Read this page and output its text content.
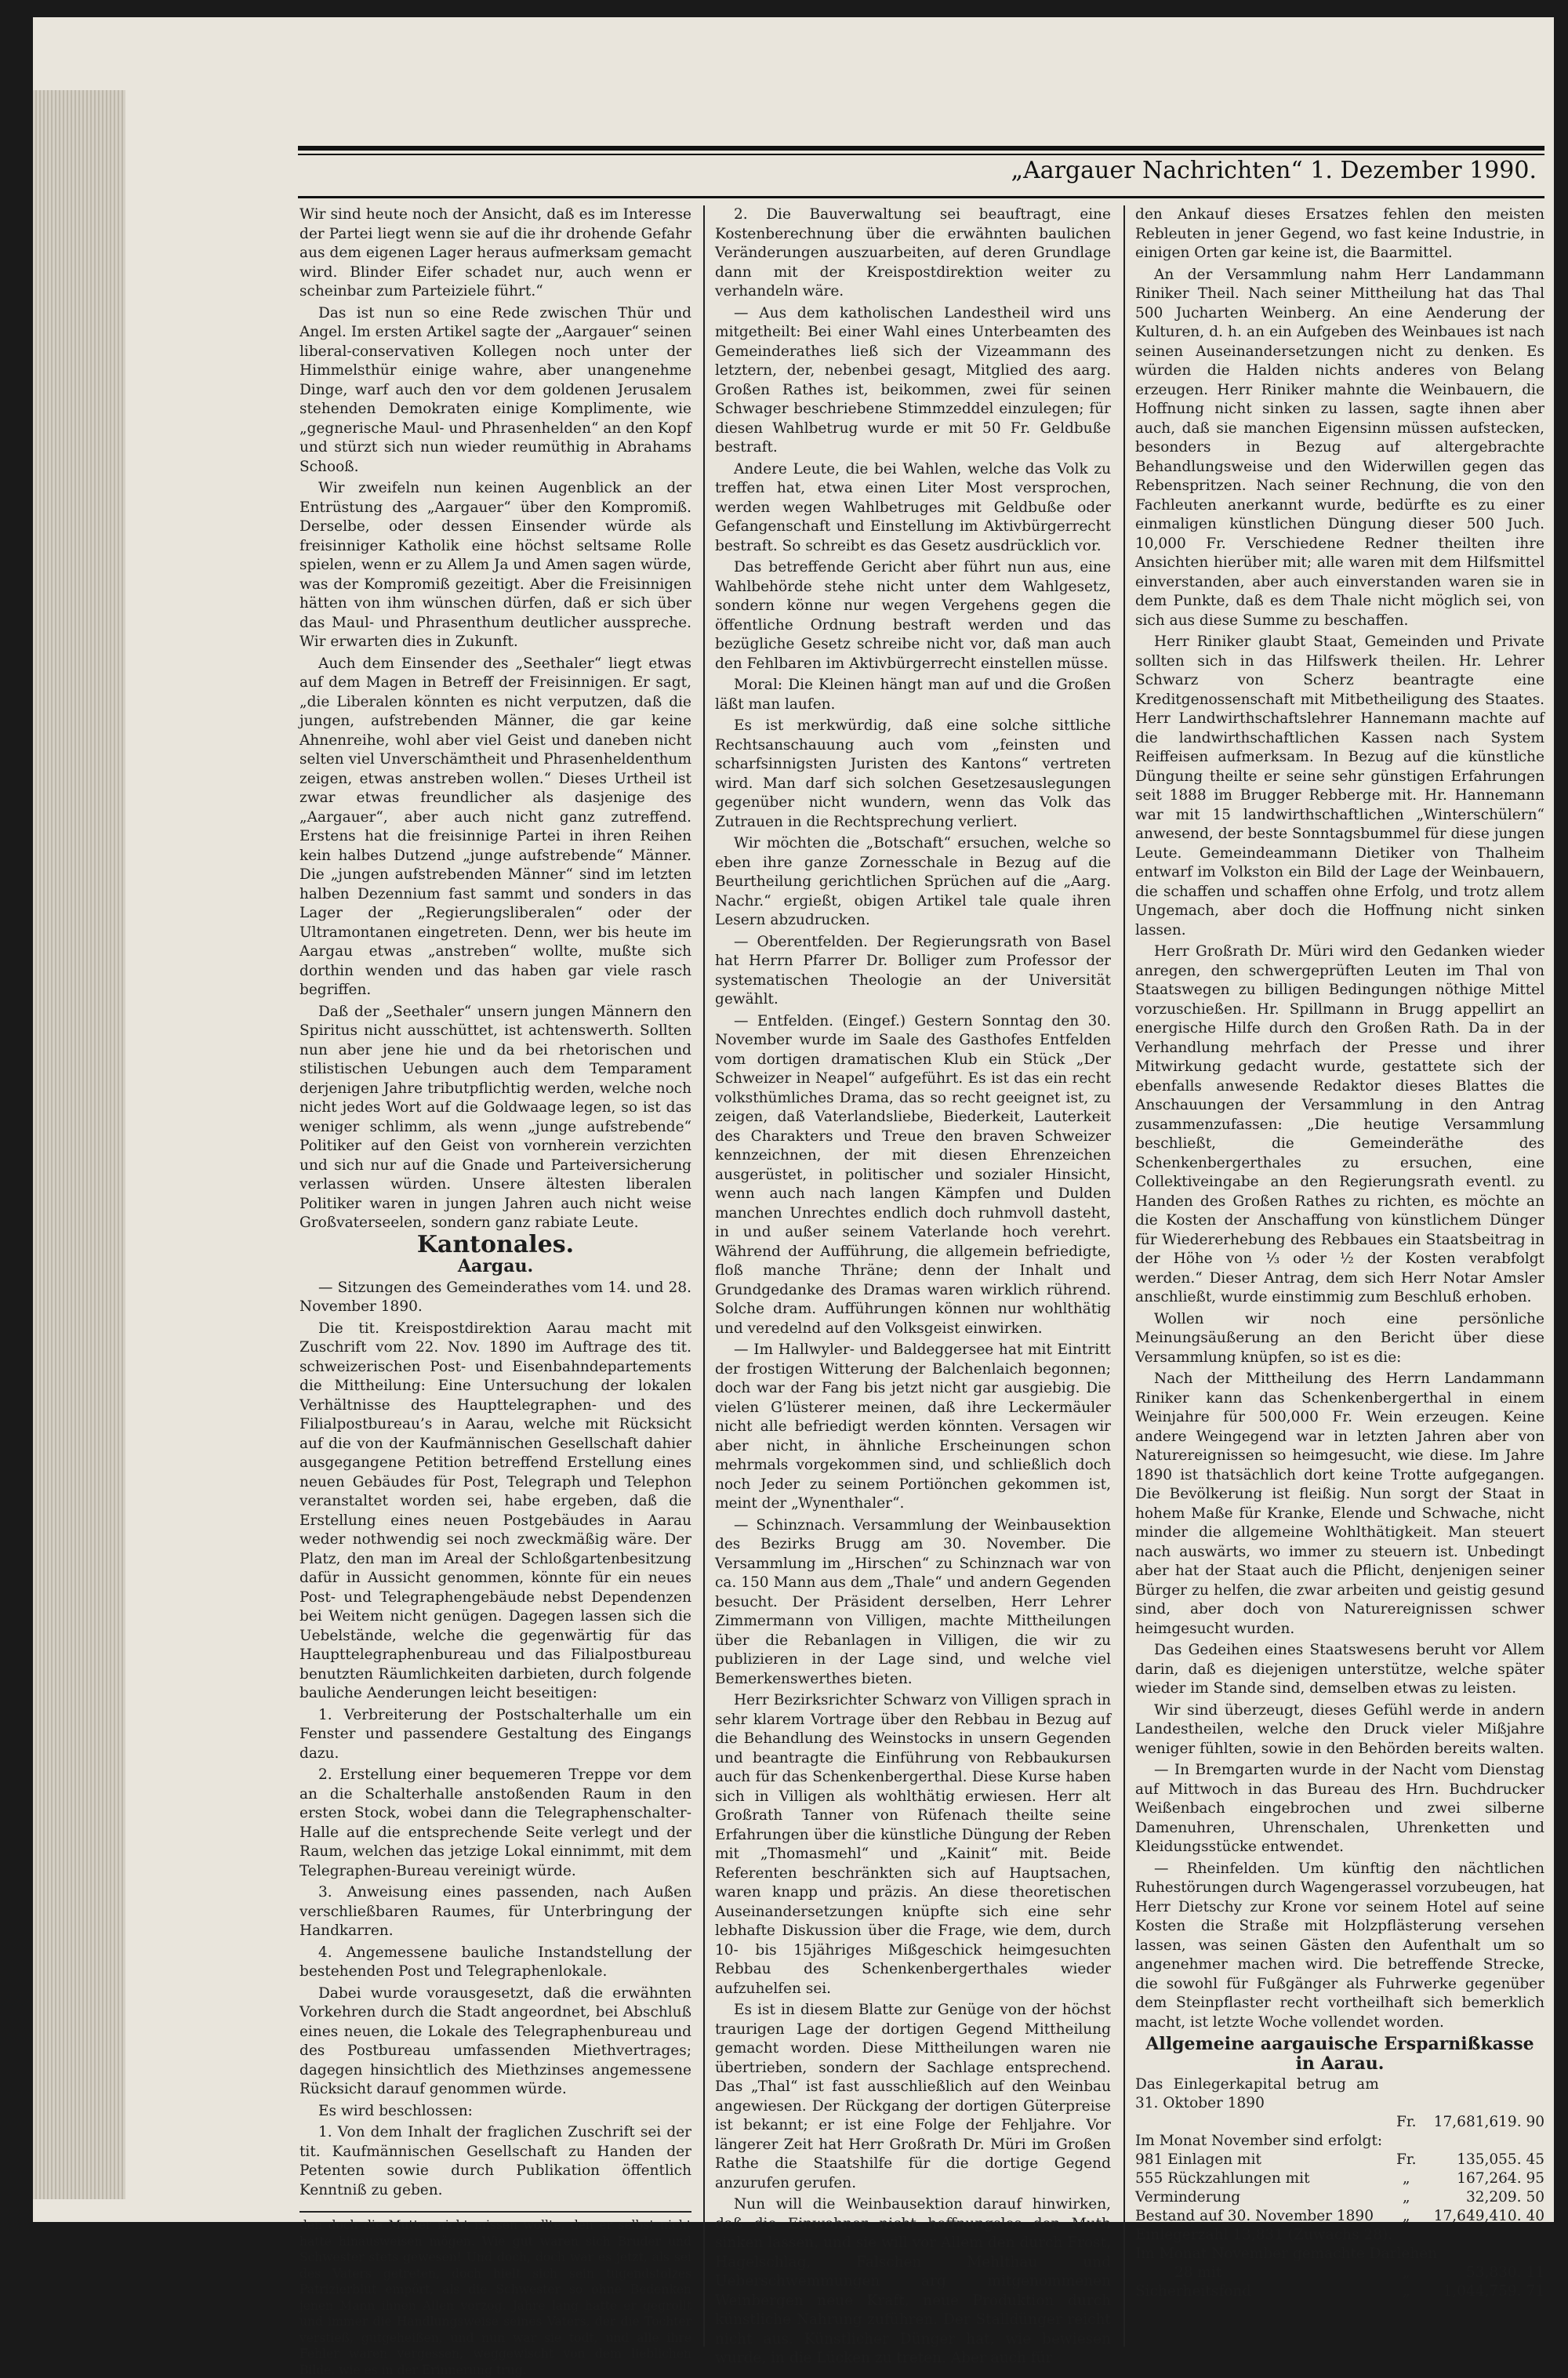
„Aargauer Nachrichten“ 1. Dezember 1990.

Wir sind heute noch der Ansicht, daß es im Interesse der Partei liegt wenn sie auf die ihr drohende Gefahr aus dem eigenen Lager heraus aufmerksam gemacht wird. Blinder Eifer schadet nur, auch wenn er scheinbar zum Parteiziele führt.“

Das ist nun so eine Rede zwischen Thür und Angel. Im ersten Artikel sagte der „Aargauer“ seinen liberal-conservativen Kollegen noch unter der Himmelsthür einige wahre, aber unangenehme Dinge, warf auch den vor dem goldenen Jerusalem stehenden Demokraten einige Komplimente, wie „gegnerische Maul- und Phrasenhelden“ an den Kopf und stürzt sich nun wieder reumüthig in Abrahams Schooß.

Wir zweifeln nun keinen Augenblick an der Entrüstung des „Aargauer“ über den Kompromiß. Derselbe, oder dessen Einsender würde als freisinniger Katholik eine höchst seltsame Rolle spielen, wenn er zu Allem Ja und Amen sagen würde, was der Kompromiß gezeitigt. Aber die Freisinnigen hätten von ihm wünschen dürfen, daß er sich über das Maul- und Phrasenthum deutlicher ausspreche. Wir erwarten dies in Zukunft.

Auch dem Einsender des „Seethaler“ liegt etwas auf dem Magen in Betreff der Freisinnigen. Er sagt, „die Liberalen könnten es nicht verputzen, daß die jungen, aufstrebenden Männer, die gar keine Ahnenreihe, wohl aber viel Geist und daneben nicht selten viel Unverschämtheit und Phrasenheldenthum zeigen, etwas anstreben wollen.“ Dieses Urtheil ist zwar etwas freundlicher als dasjenige des „Aargauer“, aber auch nicht ganz zutreffend. Erstens hat die freisinnige Partei in ihren Reihen kein halbes Dutzend „junge aufstrebende“ Männer. Die „jungen aufstrebenden Männer“ sind im letzten halben Dezennium fast sammt und sonders in das Lager der „Regierungsliberalen“ oder der Ultramontanen eingetreten. Denn, wer bis heute im Aargau etwas „anstreben“ wollte, mußte sich dorthin wenden und das haben gar viele rasch begriffen.

Daß der „Seethaler“ unsern jungen Männern den Spiritus nicht ausschüttet, ist achtenswerth. Sollten nun aber jene hie und da bei rhetorischen und stilistischen Uebungen auch dem Temparament derjenigen Jahre tributpflichtig werden, welche noch nicht jedes Wort auf die Goldwaage legen, so ist das weniger schlimm, als wenn „junge aufstrebende“ Politiker auf den Geist von vornherein verzichten und sich nur auf die Gnade und Parteiversicherung verlassen würden. Unsere ältesten liberalen Politiker waren in jungen Jahren auch nicht weise Großvaterseelen, sondern ganz rabiate Leute.

Kantonales.

Aargau.

— Sitzungen des Gemeinderathes vom 14. und 28. November 1890.

Die tit. Kreispostdirektion Aarau macht mit Zuschrift vom 22. Nov. 1890 im Auftrage des tit. schweizerischen Post- und Eisenbahndepartements die Mittheilung: Eine Untersuchung der lokalen Verhältnisse des Haupttelegraphen- und des Filialpostbureau’s in Aarau, welche mit Rücksicht auf die von der Kaufmännischen Gesellschaft dahier ausgegangene Petition betreffend Erstellung eines neuen Gebäudes für Post, Telegraph und Telephon veranstaltet worden sei, habe ergeben, daß die Erstellung eines neuen Postgebäudes in Aarau weder nothwendig sei noch zweckmäßig wäre. Der Platz, den man im Areal der Schloßgartenbesitzung dafür in Aussicht genommen, könnte für ein neues Post- und Telegraphengebäude nebst Dependenzen bei Weitem nicht genügen. Dagegen lassen sich die Uebelstände, welche die gegenwärtig für das Haupttelegraphenbureau und das Filialpostbureau benutzten Räumlichkeiten darbieten, durch folgende bauliche Aenderungen leicht beseitigen:

1. Verbreiterung der Postschalterhalle um ein Fenster und passendere Gestaltung des Eingangs dazu.

2. Erstellung einer bequemeren Treppe vor dem an die Schalterhalle anstoßenden Raum in den ersten Stock, wobei dann die Telegraphenschalter-Halle auf die entsprechende Seite verlegt und der Raum, welchen das jetzige Lokal einnimmt, mit dem Telegraphen-Bureau vereinigt würde.

3. Anweisung eines passenden, nach Außen verschließbaren Raumes, für Unterbringung der Handkarren.

4. Angemessene bauliche Instandstellung der bestehenden Post und Telegraphenlokale.

Dabei wurde vorausgesetzt, daß die erwähnten Vorkehren durch die Stadt angeordnet, bei Abschluß eines neuen, die Lokale des Telegraphenbureau und des Postbureau umfassenden Miethvertrages; dagegen hinsichtlich des Miethzinses angemessene Rücksicht darauf genommen würde.

Es wird beschlossen:

1. Von dem Inhalt der fraglichen Zuschrift sei der tit. Kaufmännischen Gesellschaft zu Handen der Petenten sowie durch Publikation öffentlich Kenntniß zu geben.

den doch die Mutter nicht missen wollte, den er selbst nicht hatte hinausweisen mögen. Wie gut waren sich Bruder und Schwester stets gewesen! Und doch, doch war es jetzt, als sei des Vaters getreten, doch hielt sich sein tugendstolzes Patrizierblut empört, als die Schwester so ohne Bedenken jenen Mann ihnen Allen vorzog. Jahre lang hatte er gegrollt und immer die Handlungsweise seines Vaters, der die Tochter verstieß, gutgeheißen, und nun war sie todt, und alle ihre Fehler waren vergessen, weggewischt von dem lieblichen Bilde, wie es in der Erinnerung trug.

2. Die Bauverwaltung sei beauftragt, eine Kostenberechnung über die erwähnten baulichen Veränderungen auszuarbeiten, auf deren Grundlage dann mit der Kreispostdirektion weiter zu verhandeln wäre.

— Aus dem katholischen Landestheil wird uns mitgetheilt: Bei einer Wahl eines Unterbeamten des Gemeinderathes ließ sich der Vizeammann des letztern, der, nebenbei gesagt, Mitglied des aarg. Großen Rathes ist, beikommen, zwei für seinen Schwager beschriebene Stimmzeddel einzulegen; für diesen Wahlbetrug wurde er mit 50 Fr. Geldbuße bestraft.

Andere Leute, die bei Wahlen, welche das Volk zu treffen hat, etwa einen Liter Most versprochen, werden wegen Wahlbetruges mit Geldbuße oder Gefangenschaft und Einstellung im Aktivbürgerrecht bestraft. So schreibt es das Gesetz ausdrücklich vor.

Das betreffende Gericht aber führt nun aus, eine Wahlbehörde stehe nicht unter dem Wahlgesetz, sondern könne nur wegen Vergehens gegen die öffentliche Ordnung bestraft werden und das bezügliche Gesetz schreibe nicht vor, daß man auch den Fehlbaren im Aktivbürgerrecht einstellen müsse.

Moral: Die Kleinen hängt man auf und die Großen läßt man laufen.

Es ist merkwürdig, daß eine solche sittliche Rechtsanschauung auch vom „feinsten und scharfsinnigsten Juristen des Kantons“ vertreten wird. Man darf sich solchen Gesetzesauslegungen gegenüber nicht wundern, wenn das Volk das Zutrauen in die Rechtsprechung verliert.

Wir möchten die „Botschaft“ ersuchen, welche so eben ihre ganze Zornesschale in Bezug auf die Beurtheilung gerichtlichen Sprüchen auf die „Aarg. Nachr.“ ergießt, obigen Artikel tale quale ihren Lesern abzudrucken.

— Oberentfelden. Der Regierungsrath von Basel hat Herrn Pfarrer Dr. Bolliger zum Professor der systematischen Theologie an der Universität gewählt.

— Entfelden. (Eingef.) Gestern Sonntag den 30. November wurde im Saale des Gasthofes Entfelden vom dortigen dramatischen Klub ein Stück „Der Schweizer in Neapel“ aufgeführt. Es ist das ein recht volksthümliches Drama, das so recht geeignet ist, zu zeigen, daß Vaterlandsliebe, Biederkeit, Lauterkeit des Charakters und Treue den braven Schweizer kennzeichnen, der mit diesen Ehrenzeichen ausgerüstet, in politischer und sozialer Hinsicht, wenn auch nach langen Kämpfen und Dulden manchen Unrechtes endlich doch ruhmvoll dasteht, in und außer seinem Vaterlande hoch verehrt. Während der Aufführung, die allgemein befriedigte, floß manche Thräne; denn der Inhalt und Grundgedanke des Dramas waren wirklich rührend. Solche dram. Aufführungen können nur wohlthätig und veredelnd auf den Volksgeist einwirken.

— Im Hallwyler- und Baldeggersee hat mit Eintritt der frostigen Witterung der Balchenlaich begonnen; doch war der Fang bis jetzt nicht gar ausgiebig. Die vielen G’lüsterer meinen, daß ihre Leckermäuler nicht alle befriedigt werden könnten. Versagen wir aber nicht, in ähnliche Erscheinungen schon mehrmals vorgekommen sind, und schließlich doch noch Jeder zu seinem Portiönchen gekommen ist, meint der „Wynenthaler“.

— Schinznach. Versammlung der Weinbausektion des Bezirks Brugg am 30. November. Die Versammlung im „Hirschen“ zu Schinznach war von ca. 150 Mann aus dem „Thale“ und andern Gegenden besucht. Der Präsident derselben, Herr Lehrer Zimmermann von Villigen, machte Mittheilungen über die Rebanlagen in Villigen, die wir zu publizieren in der Lage sind, und welche viel Bemerkenswerthes bieten.

Herr Bezirksrichter Schwarz von Villigen sprach in sehr klarem Vortrage über den Rebbau in Bezug auf die Behandlung des Weinstocks in unsern Gegenden und beantragte die Einführung von Rebbaukursen auch für das Schenkenbergerthal. Diese Kurse haben sich in Villigen als wohlthätig erwiesen. Herr alt Großrath Tanner von Rüfenach theilte seine Erfahrungen über die künstliche Düngung der Reben mit „Thomasmehl“ und „Kainit“ mit. Beide Referenten beschränkten sich auf Hauptsachen, waren knapp und präzis. An diese theoretischen Auseinandersetzungen knüpfte sich eine sehr lebhafte Diskussion über die Frage, wie dem, durch 10- bis 15jähriges Mißgeschick heimgesuchten Rebbau des Schenkenbergerthales wieder aufzuhelfen sei.

Es ist in diesem Blatte zur Genüge von der höchst traurigen Lage der dortigen Gegend Mittheilung gemacht worden. Diese Mittheilungen waren nie übertrieben, sondern der Sachlage entsprechend. Das „Thal“ ist fast ausschließlich auf den Weinbau angewiesen. Der Rückgang der dortigen Güterpreise ist bekannt; er ist eine Folge der Fehljahre. Vor längerer Zeit hat Herr Großrath Dr. Müri im Großen Rathe die Staatshilfe für die dortige Gegend anzurufen gerufen.

Nun will die Weinbausektion darauf hinwirken, daß die Einwohner nicht hoffnungslos den Muth sinken lassen, und sie will vor Allem den durch Frost, Hagelschlag, Falschen Mehlthau und Ueberschwemmungen arg mitgenommenen Weinbergen neue Kraft, neue Produktion durch künstliche Nahrung zuführen. Der Stalldünger reicht nicht aus. Künstlicher Dünger hat, wie bewiesen wurde, in die Lücken zu treten. Aber auch für

den Ankauf dieses Ersatzes fehlen den meisten Rebleuten in jener Gegend, wo fast keine Industrie, in einigen Orten gar keine ist, die Baarmittel.

An der Versammlung nahm Herr Landammann Riniker Theil. Nach seiner Mittheilung hat das Thal 500 Jucharten Weinberg. An eine Aenderung der Kulturen, d. h. an ein Aufgeben des Weinbaues ist nach seinen Auseinandersetzungen nicht zu denken. Es würden die Halden nichts anderes von Belang erzeugen. Herr Riniker mahnte die Weinbauern, die Hoffnung nicht sinken zu lassen, sagte ihnen aber auch, daß sie manchen Eigensinn müssen aufstecken, besonders in Bezug auf altergebrachte Behandlungsweise und den Widerwillen gegen das Rebenspritzen. Nach seiner Rechnung, die von den Fachleuten anerkannt wurde, bedürfte es zu einer einmaligen künstlichen Düngung dieser 500 Juch. 10,000 Fr. Verschiedene Redner theilten ihre Ansichten hierüber mit; alle waren mit dem Hilfsmittel einverstanden, aber auch einverstanden waren sie in dem Punkte, daß es dem Thale nicht möglich sei, von sich aus diese Summe zu beschaffen.

Herr Riniker glaubt Staat, Gemeinden und Private sollten sich in das Hilfswerk theilen. Hr. Lehrer Schwarz von Scherz beantragte eine Kreditgenossenschaft mit Mitbetheiligung des Staates. Herr Landwirthschaftslehrer Hannemann machte auf die landwirthschaftlichen Kassen nach System Reiffeisen aufmerksam. In Bezug auf die künstliche Düngung theilte er seine sehr günstigen Erfahrungen seit 1888 im Brugger Rebberge mit. Hr. Hannemann war mit 15 landwirthschaftlichen „Winterschülern“ anwesend, der beste Sonntagsbummel für diese jungen Leute. Gemeindeammann Dietiker von Thalheim entwarf im Volkston ein Bild der Lage der Weinbauern, die schaffen und schaffen ohne Erfolg, und trotz allem Ungemach, aber doch die Hoffnung nicht sinken lassen.

Herr Großrath Dr. Müri wird den Gedanken wieder anregen, den schwergeprüften Leuten im Thal von Staatswegen zu billigen Bedingungen nöthige Mittel vorzuschießen. Hr. Spillmann in Brugg appellirt an energische Hilfe durch den Großen Rath. Da in der Verhandlung mehrfach der Presse und ihrer Mitwirkung gedacht wurde, gestattete sich der ebenfalls anwesende Redaktor dieses Blattes die Anschauungen der Versammlung in den Antrag zusammenzufassen: „Die heutige Versammlung beschließt, die Gemeinderäthe des Schenkenbergerthales zu ersuchen, eine Collektiveingabe an den Regierungsrath eventl. zu Handen des Großen Rathes zu richten, es möchte an die Kosten der Anschaffung von künstlichem Dünger für Wiedererhebung des Rebbaues ein Staatsbeitrag in der Höhe von ⅓ oder ½ der Kosten verabfolgt werden.“ Dieser Antrag, dem sich Herr Notar Amsler anschließt, wurde einstimmig zum Beschluß erhoben.

Wollen wir noch eine persönliche Meinungsäußerung an den Bericht über diese Versammlung knüpfen, so ist es die:

Nach der Mittheilung des Herrn Landammann Riniker kann das Schenkenbergerthal in einem Weinjahre für 500,000 Fr. Wein erzeugen. Keine andere Weingegend war in letzten Jahren aber von Naturereignissen so heimgesucht, wie diese. Im Jahre 1890 ist thatsächlich dort keine Trotte aufgegangen. Die Bevölkerung ist fleißig. Nun sorgt der Staat in hohem Maße für Kranke, Elende und Schwache, nicht minder die allgemeine Wohlthätigkeit. Man steuert nach auswärts, wo immer zu steuern ist. Unbedingt aber hat der Staat auch die Pflicht, denjenigen seiner Bürger zu helfen, die zwar arbeiten und geistig gesund sind, aber doch von Naturereignissen schwer heimgesucht wurden.

Das Gedeihen eines Staatswesens beruht vor Allem darin, daß es diejenigen unterstütze, welche später wieder im Stande sind, demselben etwas zu leisten.

Wir sind überzeugt, dieses Gefühl werde in andern Landestheilen, welche den Druck vieler Mißjahre weniger fühlten, sowie in den Behörden bereits walten.

— In Bremgarten wurde in der Nacht vom Dienstag auf Mittwoch in das Bureau des Hrn. Buchdrucker Weißenbach eingebrochen und zwei silberne Damenuhren, Uhrenschalen, Uhrenketten und Kleidungsstücke entwendet.

— Rheinfelden. Um künftig den nächtlichen Ruhestörungen durch Wagengerassel vorzubeugen, hat Herr Dietschy zur Krone vor seinem Hotel auf seine Kosten die Straße mit Holzpflästerung versehen lassen, was seinen Gästen den Aufenthalt um so angenehmer machen wird. Die betreffende Strecke, die sowohl für Fußgänger als Fuhrwerke gegenüber dem Steinpflaster recht vortheilhaft sich bemerklich macht, ist letzte Woche vollendet worden.

Allgemeine aargauische Ersparnißkasse in Aarau.

Das Einlegerkapital betrug am 31. Oktober 1890		
	Fr.	17,681,619. 90
Im Monat November sind erfolgt:		
981 Einlagen mit	Fr.	135,055. 45
555 Rückzahlungen mit	„	167,264. 95
Verminderung	„	32,209. 50
Bestand auf 30. November 1890	„	17,649,410. 40
Einlegerzahl 13,831 (Zuwachs 28).		
Im Monat November gemachte Darlehen		
28 mit	„	53,830. 11
Sicherheitsfond	„	1,044,759. 71
